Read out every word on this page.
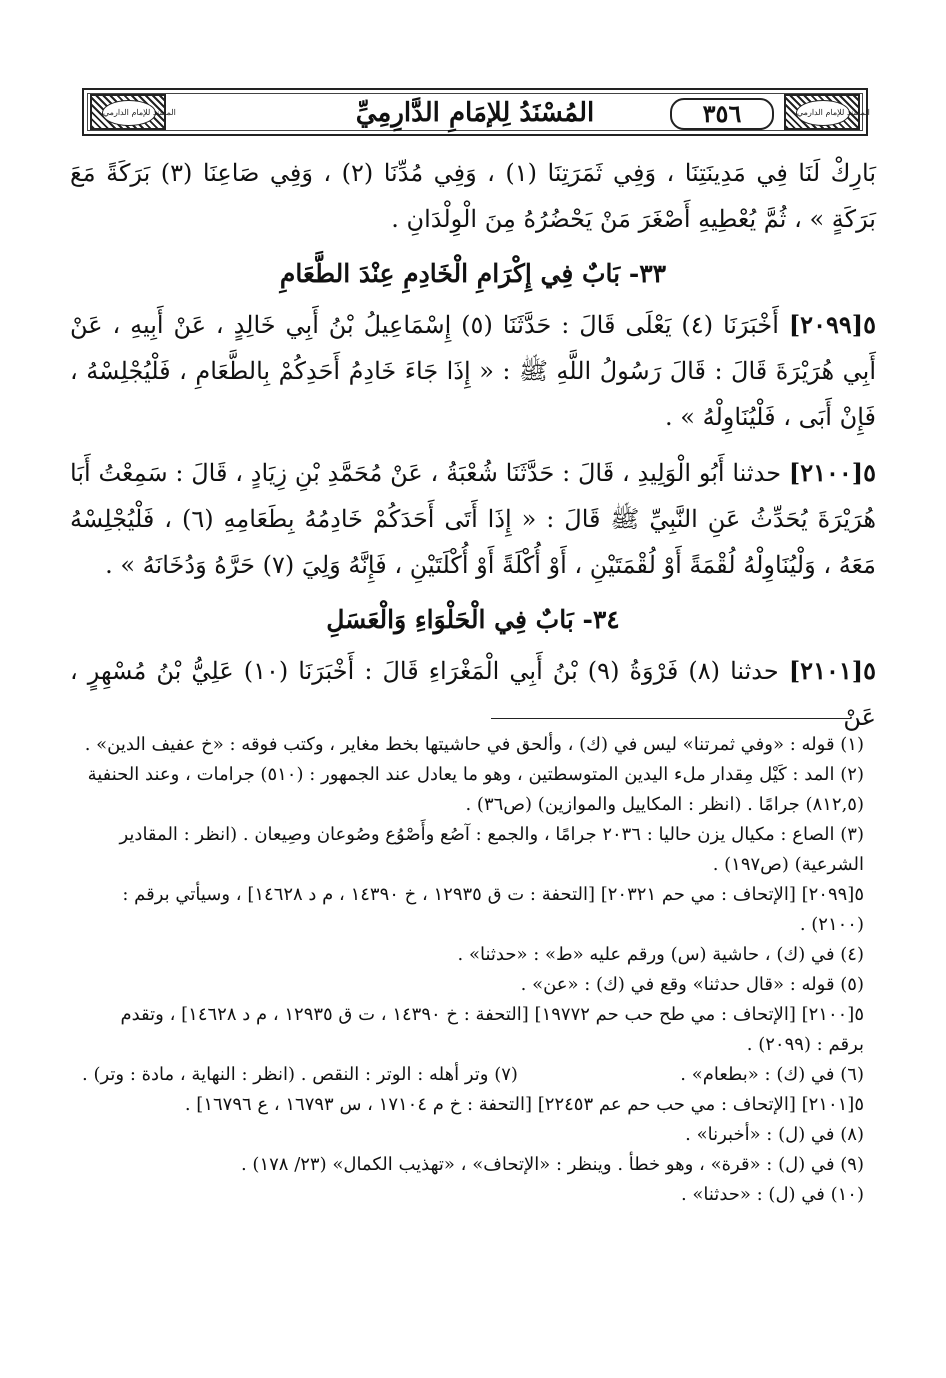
المسند للإمام الدارمي	المُسْنَدُ لِلإمَامِ الدَّارِمِيِّ	٣٥٦	المسند للإمام الدارمي

بَارِكْ لَنَا فِي مَدِينَتِنَا ، وَفِي ثَمَرَتِنَا (١) ، وَفِي مُدِّنَا (٢) ، وَفِي صَاعِنَا (٣) بَرَكَةً مَعَ بَرَكَةٍ » ، ثُمَّ يُعْطِيهِ أَصْغَرَ مَنْ يَحْضُرُهُ مِنَ الْوِلْدَانِ .

٣٣- بَابٌ فِي إِكْرَامِ الْخَادِمِ عِنْدَ الطَّعَامِ

٥[٢٠٩٩] أَخْبَرَنَا (٤) يَعْلَى قَالَ : حَدَّثَنَا (٥) إِسْمَاعِيلُ بْنُ أَبِي خَالِدٍ ، عَنْ أَبِيهِ ، عَنْ أَبِي هُرَيْرَةَ قَالَ : قَالَ رَسُولُ اللَّهِ ﷺ : « إِذَا جَاءَ خَادِمُ أَحَدِكُمْ بِالطَّعَامِ ، فَلْيُجْلِسْهُ ، فَإِنْ أَبَى ، فَلْيُنَاوِلْهُ » .

٥[٢١٠٠] حدثنا أَبُو الْوَلِيدِ ، قَالَ : حَدَّثَنَا شُعْبَةُ ، عَنْ مُحَمَّدِ بْنِ زِيَادٍ ، قَالَ : سَمِعْتُ أَبَا هُرَيْرَةَ يُحَدِّثُ عَنِ النَّبِيِّ ﷺ قَالَ : « إِذَا أَتَى أَحَدَكُمْ خَادِمُهُ بِطَعَامِهِ (٦) ، فَلْيُجْلِسْهُ مَعَهُ ، وَلْيُنَاوِلْهُ لُقْمَةً أَوْ لُقْمَتَيْنِ ، أَوْ أُكْلَةً أَوْ أُكْلَتَيْنِ ، فَإِنَّهُ وَلِيَ (٧) حَرَّهُ وَدُخَانَهُ » .

٣٤- بَابٌ فِي الْحَلْوَاءِ وَالْعَسَلِ

٥[٢١٠١] حدثنا (٨) فَرْوَةُ (٩) بْنُ أَبِي الْمَغْرَاءِ قَالَ : أَخْبَرَنَا (١٠) عَلِيُّ بْنُ مُسْهِرٍ ، عَنْ

(١) قوله : «وفي ثمرتنا» ليس في (ك) ، وألحق في حاشيتها بخط مغاير ، وكتب فوقه : «خ عفيف الدين» .
(٢) المد : كَيْل مِقدار ملء اليدين المتوسطتين ، وهو ما يعادل عند الجمهور : (٥١٠) جرامات ، وعند الحنفية (٨١٢,٥) جرامًا . (انظر : المكاييل والموازين) (ص٣٦) .
(٣) الصاع : مكيال يزن حاليا : ٢٠٣٦ جرامًا ، والجمع : آصُع وأَصْوُع وصُوعان وصِيعان . (انظر : المقادير الشرعية) (ص١٩٧) .
٥[٢٠٩٩] [الإتحاف : مي حم ٢٠٣٢١] [التحفة : ت ق ١٢٩٣٥ ، خ ١٤٣٩٠ ، م د ١٤٦٢٨] ، وسيأتي برقم : (٢١٠٠) .
(٤) في (ك) ، حاشية (س) ورقم عليه «ط» : «حدثنا» .
(٥) قوله : «قال حدثنا» وقع في (ك) : «عن» .
٥[٢١٠٠] [الإتحاف : مي طح حب حم ١٩٧٧٢] [التحفة : خ ١٤٣٩٠ ، ت ق ١٢٩٣٥ ، م د ١٤٦٢٨] ، وتقدم برقم : (٢٠٩٩) .
(٦) في (ك) : «بطعام» .
(٧) وتر أهله : الوتر : النقص . (انظر : النهاية ، مادة : وتر) .
٥[٢١٠١] [الإتحاف : مي حب حم عم ٢٢٤٥٣] [التحفة : خ م ١٧١٠٤ ، س ١٦٧٩٣ ، ع ١٦٧٩٦] .
(٨) في (ل) : «أخبرنا» .
(٩) في (ل) : «قرة» ، وهو خطأ . وينظر : «الإتحاف» ، «تهذيب الكمال» (٢٣/ ١٧٨) .
(١٠) في (ل) : «حدثنا» .
